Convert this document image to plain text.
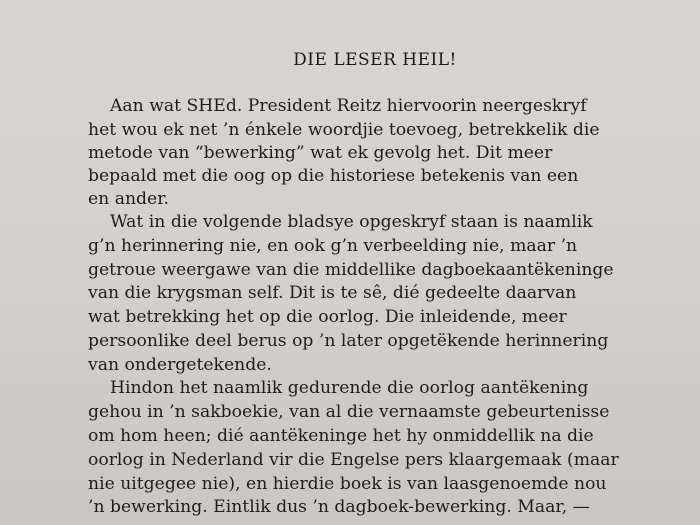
DIE LESER HEIL!
Aan wat SHEd. President Reitz hiervoorin neergeskryf
het wou ek net ’n énkele woordjie toevoeg, betrekkelik die
metode van “bewerking” wat ek gevolg het. Dit meer
bepaald met die oog op die historiese betekenis van een
en ander.
Wat in die volgende bladsye opgeskryf staan is naamlik
g’n herinnering nie, en ook g’n verbeelding nie, maar ’n
getroue weergawe van die middellike dagboekaantëkeninge
van die krygsman self. Dit is te sê, dié gedeelte daarvan
wat betrekking het op die oorlog. Die inleidende, meer
persoonlike deel berus op ’n later opgetëkende herinnering
van ondergetekende.
Hindon het naamlik gedurende die oorlog aantëkening
gehou in ’n sakboekie, van al die vernaamste gebeurtenisse
om hom heen; dié aantëkeninge het hy onmiddellik na die
oorlog in Nederland vir die Engelse pers klaargemaak (maar
nie uitgegee nie), en hierdie boek is van laasgenoemde nou
’n bewerking. Eintlik dus ’n dagboek-bewerking. Maar, —
